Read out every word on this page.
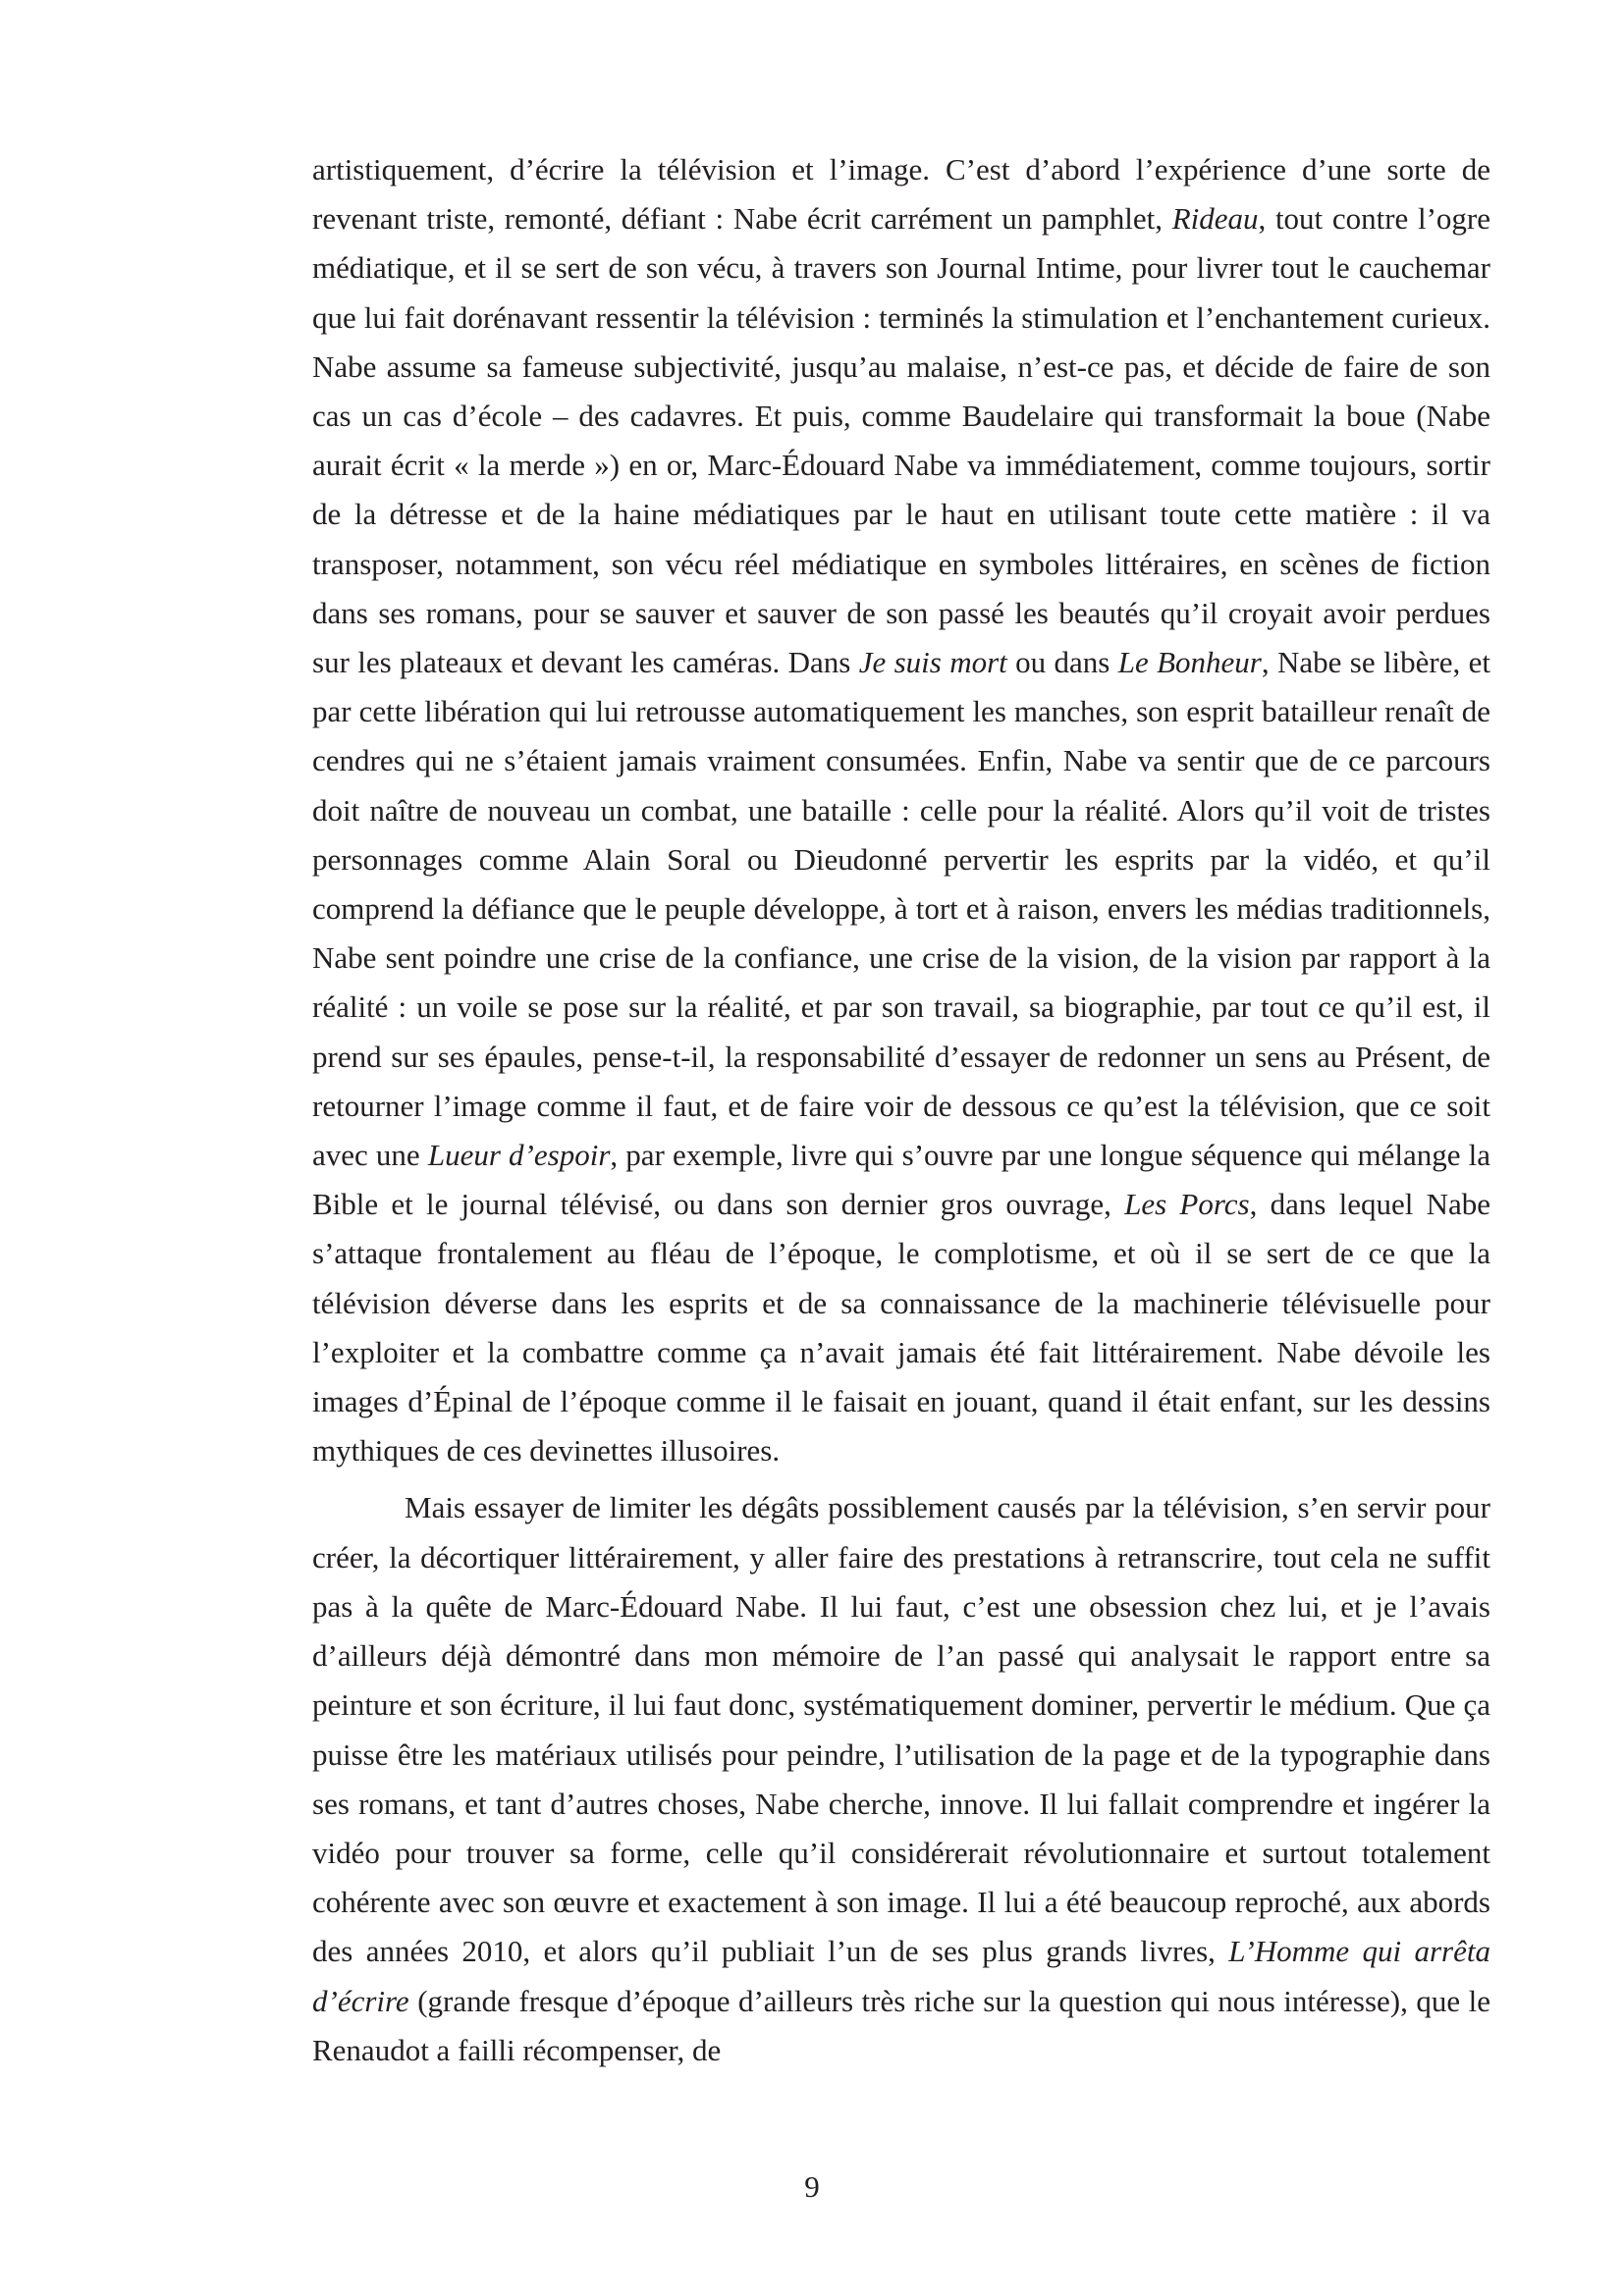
artistiquement, d’écrire la télévision et l’image. C’est d’abord l’expérience d’une sorte de revenant triste, remonté, défiant : Nabe écrit carrément un pamphlet, Rideau, tout contre l’ogre médiatique, et il se sert de son vécu, à travers son Journal Intime, pour livrer tout le cauchemar que lui fait dorénavant ressentir la télévision : terminés la stimulation et l’enchantement curieux. Nabe assume sa fameuse subjectivité, jusqu’au malaise, n’est-ce pas, et décide de faire de son cas un cas d’école – des cadavres. Et puis, comme Baudelaire qui transformait la boue (Nabe aurait écrit « la merde ») en or, Marc-Édouard Nabe va immédiatement, comme toujours, sortir de la détresse et de la haine médiatiques par le haut en utilisant toute cette matière : il va transposer, notamment, son vécu réel médiatique en symboles littéraires, en scènes de fiction dans ses romans, pour se sauver et sauver de son passé les beautés qu’il croyait avoir perdues sur les plateaux et devant les caméras. Dans Je suis mort ou dans Le Bonheur, Nabe se libère, et par cette libération qui lui retrousse automatiquement les manches, son esprit batailleur renaît de cendres qui ne s’étaient jamais vraiment consumées. Enfin, Nabe va sentir que de ce parcours doit naître de nouveau un combat, une bataille : celle pour la réalité. Alors qu’il voit de tristes personnages comme Alain Soral ou Dieudonné pervertir les esprits par la vidéo, et qu’il comprend la défiance que le peuple développe, à tort et à raison, envers les médias traditionnels, Nabe sent poindre une crise de la confiance, une crise de la vision, de la vision par rapport à la réalité : un voile se pose sur la réalité, et par son travail, sa biographie, par tout ce qu’il est, il prend sur ses épaules, pense-t-il, la responsabilité d’essayer de redonner un sens au Présent, de retourner l’image comme il faut, et de faire voir de dessous ce qu’est la télévision, que ce soit avec une Lueur d’espoir, par exemple, livre qui s’ouvre par une longue séquence qui mélange la Bible et le journal télévisé, ou dans son dernier gros ouvrage, Les Porcs, dans lequel Nabe s’attaque frontalement au fléau de l’époque, le complotisme, et où il se sert de ce que la télévision déverse dans les esprits et de sa connaissance de la machinerie télévisuelle pour l’exploiter et la combattre comme ça n’avait jamais été fait littérairement. Nabe dévoile les images d’Épinal de l’époque comme il le faisait en jouant, quand il était enfant, sur les dessins mythiques de ces devinettes illusoires.

Mais essayer de limiter les dégâts possiblement causés par la télévision, s’en servir pour créer, la décortiquer littérairement, y aller faire des prestations à retranscrire, tout cela ne suffit pas à la quête de Marc-Édouard Nabe. Il lui faut, c’est une obsession chez lui, et je l’avais d’ailleurs déjà démontré dans mon mémoire de l’an passé qui analysait le rapport entre sa peinture et son écriture, il lui faut donc, systématiquement dominer, pervertir le médium. Que ça puisse être les matériaux utilisés pour peindre, l’utilisation de la page et de la typographie dans ses romans, et tant d’autres choses, Nabe cherche, innove. Il lui fallait comprendre et ingérer la vidéo pour trouver sa forme, celle qu’il considérerait révolutionnaire et surtout totalement cohérente avec son œuvre et exactement à son image. Il lui a été beaucoup reproché, aux abords des années 2010, et alors qu’il publiait l’un de ses plus grands livres, L’Homme qui arrêta d’écrire (grande fresque d’époque d’ailleurs très riche sur la question qui nous intéresse), que le Renaudot a failli récompenser, de

9
